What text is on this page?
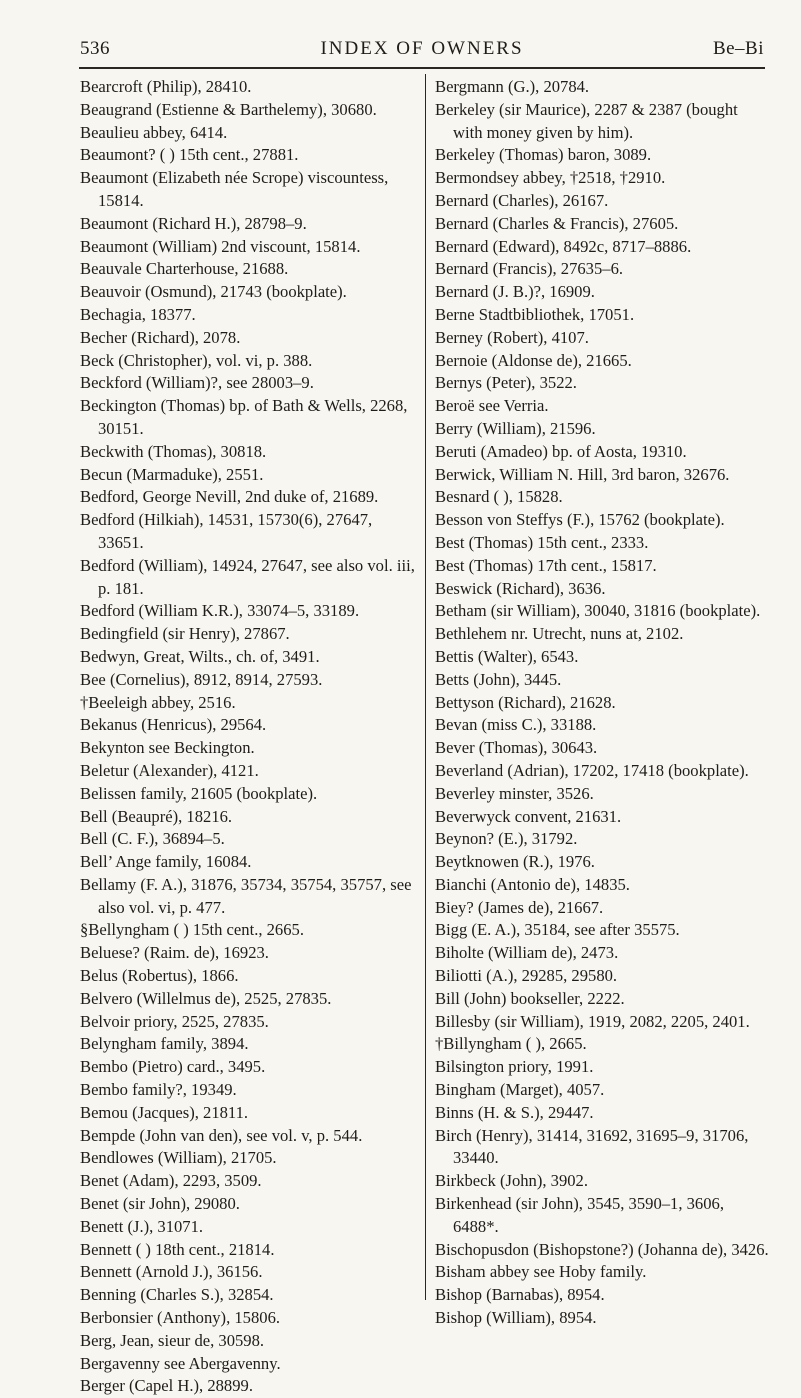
536	INDEX OF OWNERS	Be–Bi

Bearcroft (Philip), 28410.

Beaugrand (Estienne & Barthelemy), 30680.

Beaulieu abbey, 6414.

Beaumont? ( ) 15th cent., 27881.

Beaumont (Elizabeth née Scrope) viscountess, 15814.

Beaumont (Richard H.), 28798–9.

Beaumont (William) 2nd viscount, 15814.

Beauvale Charterhouse, 21688.

Beauvoir (Osmund), 21743 (bookplate).

Bechagia, 18377.

Becher (Richard), 2078.

Beck (Christopher), vol. vi, p. 388.

Beckford (William)?, see 28003–9.

Beckington (Thomas) bp. of Bath & Wells, 2268, 30151.

Beckwith (Thomas), 30818.

Becun (Marmaduke), 2551.

Bedford, George Nevill, 2nd duke of, 21689.

Bedford (Hilkiah), 14531, 15730(6), 27647, 33651.

Bedford (William), 14924, 27647, see also vol. iii, p. 181.

Bedford (William K.R.), 33074–5, 33189.

Bedingfield (sir Henry), 27867.

Bedwyn, Great, Wilts., ch. of, 3491.

Bee (Cornelius), 8912, 8914, 27593.

†Beeleigh abbey, 2516.

Bekanus (Henricus), 29564.

Bekynton see Beckington.

Beletur (Alexander), 4121.

Belissen family, 21605 (bookplate).

Bell (Beaupré), 18216.

Bell (C. F.), 36894–5.

Bell’ Ange family, 16084.

Bellamy (F. A.), 31876, 35734, 35754, 35757, see also vol. vi, p. 477.

§Bellyngham ( ) 15th cent., 2665.

Beluese? (Raim. de), 16923.

Belus (Robertus), 1866.

Belvero (Willelmus de), 2525, 27835.

Belvoir priory, 2525, 27835.

Belyngham family, 3894.

Bembo (Pietro) card., 3495.

Bembo family?, 19349.

Bemou (Jacques), 21811.

Bempde (John van den), see vol. v, p. 544.

Bendlowes (William), 21705.

Benet (Adam), 2293, 3509.

Benet (sir John), 29080.

Benett (J.), 31071.

Bennett ( ) 18th cent., 21814.

Bennett (Arnold J.), 36156.

Benning (Charles S.), 32854.

Berbonsier (Anthony), 15806.

Berg, Jean, sieur de, 30598.

Bergavenny see Abergavenny.

Berger (Capel H.), 28899.

Bergmann (G.), 20784.

Berkeley (sir Maurice), 2287 & 2387 (bought with money given by him).

Berkeley (Thomas) baron, 3089.

Bermondsey abbey, †2518, †2910.

Bernard (Charles), 26167.

Bernard (Charles & Francis), 27605.

Bernard (Edward), 8492c, 8717–8886.

Bernard (Francis), 27635–6.

Bernard (J. B.)?, 16909.

Berne Stadtbibliothek, 17051.

Berney (Robert), 4107.

Bernoie (Aldonse de), 21665.

Bernys (Peter), 3522.

Beroë see Verria.

Berry (William), 21596.

Beruti (Amadeo) bp. of Aosta, 19310.

Berwick, William N. Hill, 3rd baron, 32676.

Besnard ( ), 15828.

Besson von Steffys (F.), 15762 (bookplate).

Best (Thomas) 15th cent., 2333.

Best (Thomas) 17th cent., 15817.

Beswick (Richard), 3636.

Betham (sir William), 30040, 31816 (bookplate).

Bethlehem nr. Utrecht, nuns at, 2102.

Bettis (Walter), 6543.

Betts (John), 3445.

Bettyson (Richard), 21628.

Bevan (miss C.), 33188.

Bever (Thomas), 30643.

Beverland (Adrian), 17202, 17418 (bookplate).

Beverley minster, 3526.

Beverwyck convent, 21631.

Beynon? (E.), 31792.

Beytknowen (R.), 1976.

Bianchi (Antonio de), 14835.

Biey? (James de), 21667.

Bigg (E. A.), 35184, see after 35575.

Biholte (William de), 2473.

Biliotti (A.), 29285, 29580.

Bill (John) bookseller, 2222.

Billesby (sir William), 1919, 2082, 2205, 2401.

†Billyngham ( ), 2665.

Bilsington priory, 1991.

Bingham (Marget), 4057.

Binns (H. & S.), 29447.

Birch (Henry), 31414, 31692, 31695–9, 31706, 33440.

Birkbeck (John), 3902.

Birkenhead (sir John), 3545, 3590–1, 3606, 6488*.

Bischopusdon (Bishopstone?) (Johanna de), 3426.

Bisham abbey see Hoby family.

Bishop (Barnabas), 8954.

Bishop (William), 8954.
